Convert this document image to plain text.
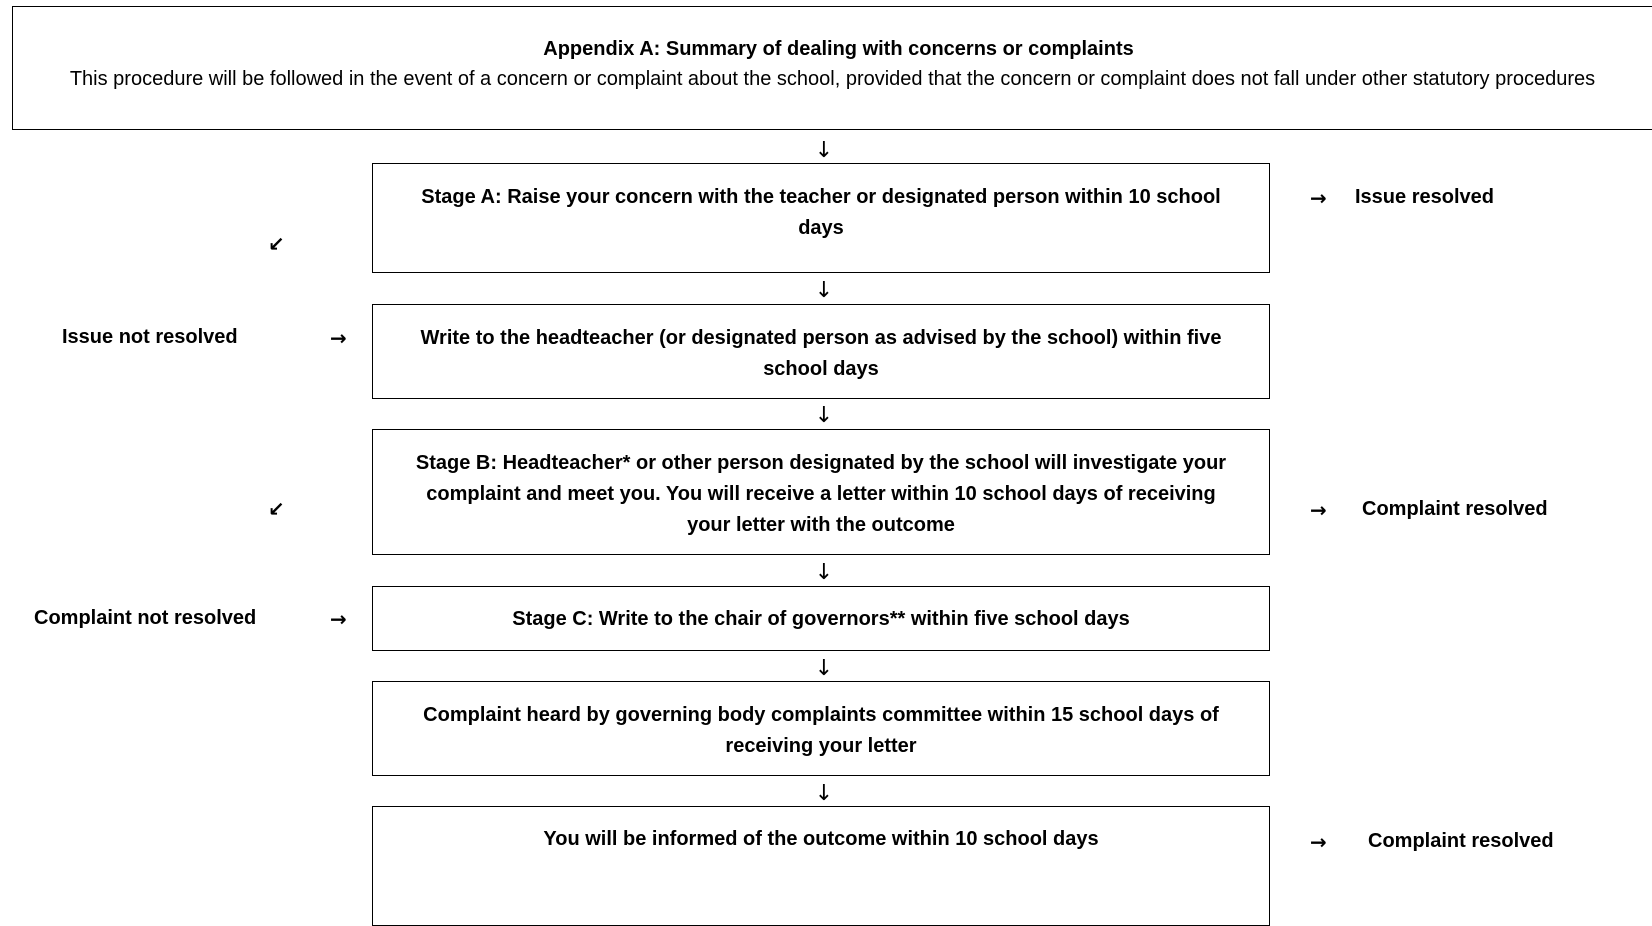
Appendix A: Summary of dealing with concerns or complaints

This procedure will be followed in the event of a concern or complaint about the school, provided that the concern or complaint does not fall under other statutory procedures

↓
Stage A: Raise your concern with the teacher or designated person within 10 school days
→ Issue resolved
↙
↓
Issue not resolved	→	Write to the headteacher (or designated person as advised by the school) within five school days
↓
Stage B: Headteacher* or other person designated by the school will investigate your complaint and meet you. You will receive a letter within 10 school days of receiving your letter with the outcome
↙	→ Complaint resolved
↓
Complaint not resolved	→	Stage C: Write to the chair of governors** within five school days
↓
Complaint heard by governing body complaints committee within 15 school days of receiving your letter
↓
You will be informed of the outcome within 10 school days	→ Complaint resolved
